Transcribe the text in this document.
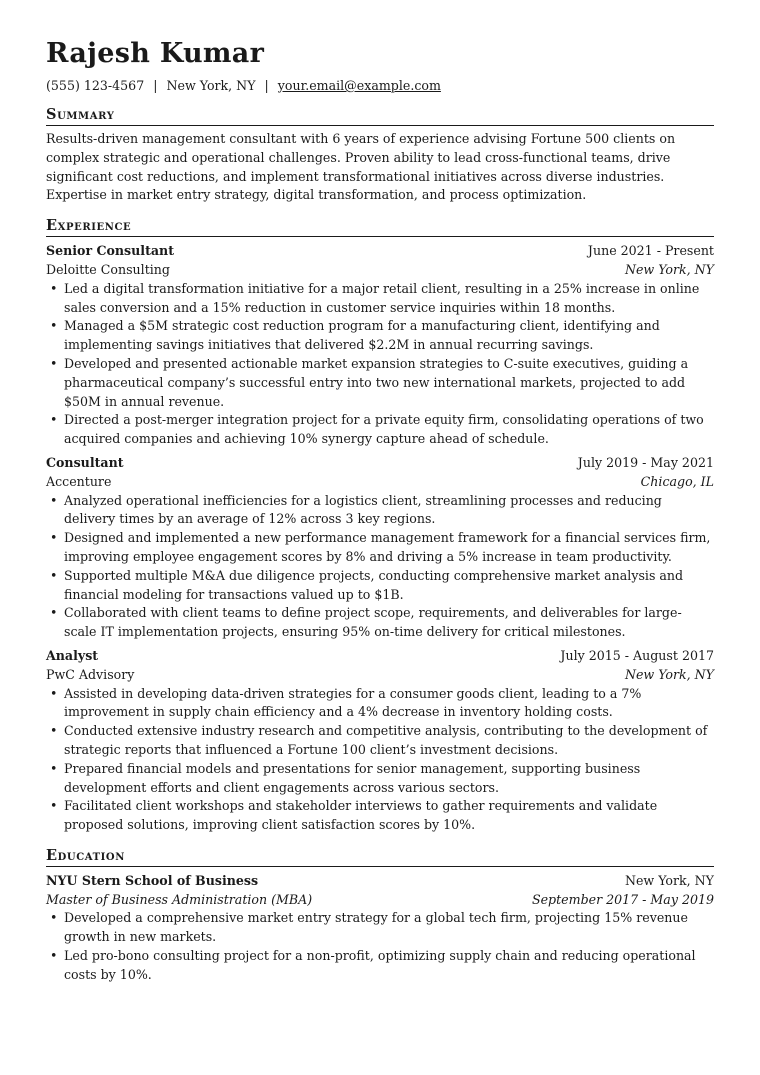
Rajesh Kumar
(555) 123-4567 | New York, NY | your.email@example.com
Summary
Results-driven management consultant with 6 years of experience advising Fortune 500 clients on complex strategic and operational challenges. Proven ability to lead cross-functional teams, drive significant cost reductions, and implement transformational initiatives across diverse industries. Expertise in market entry strategy, digital transformation, and process optimization.
Experience
Senior Consultant	June 2021 - Present
Deloitte Consulting	New York, NY
• Led a digital transformation initiative for a major retail client, resulting in a 25% increase in online sales conversion and a 15% reduction in customer service inquiries within 18 months.
• Managed a $5M strategic cost reduction program for a manufacturing client, identifying and implementing savings initiatives that delivered $2.2M in annual recurring savings.
• Developed and presented actionable market expansion strategies to C-suite executives, guiding a pharmaceutical company’s successful entry into two new international markets, projected to add $50M in annual revenue.
• Directed a post-merger integration project for a private equity firm, consolidating operations of two acquired companies and achieving 10% synergy capture ahead of schedule.
Consultant	July 2019 - May 2021
Accenture	Chicago, IL
• Analyzed operational inefficiencies for a logistics client, streamlining processes and reducing delivery times by an average of 12% across 3 key regions.
• Designed and implemented a new performance management framework for a financial services firm, improving employee engagement scores by 8% and driving a 5% increase in team productivity.
• Supported multiple M&A due diligence projects, conducting comprehensive market analysis and financial modeling for transactions valued up to $1B.
• Collaborated with client teams to define project scope, requirements, and deliverables for large-scale IT implementation projects, ensuring 95% on-time delivery for critical milestones.
Analyst	July 2015 - August 2017
PwC Advisory	New York, NY
• Assisted in developing data-driven strategies for a consumer goods client, leading to a 7% improvement in supply chain efficiency and a 4% decrease in inventory holding costs.
• Conducted extensive industry research and competitive analysis, contributing to the development of strategic reports that influenced a Fortune 100 client’s investment decisions.
• Prepared financial models and presentations for senior management, supporting business development efforts and client engagements across various sectors.
• Facilitated client workshops and stakeholder interviews to gather requirements and validate proposed solutions, improving client satisfaction scores by 10%.
Education
NYU Stern School of Business	New York, NY
Master of Business Administration (MBA)	September 2017 - May 2019
• Developed a comprehensive market entry strategy for a global tech firm, projecting 15% revenue growth in new markets.
• Led pro-bono consulting project for a non-profit, optimizing supply chain and reducing operational costs by 10%.
